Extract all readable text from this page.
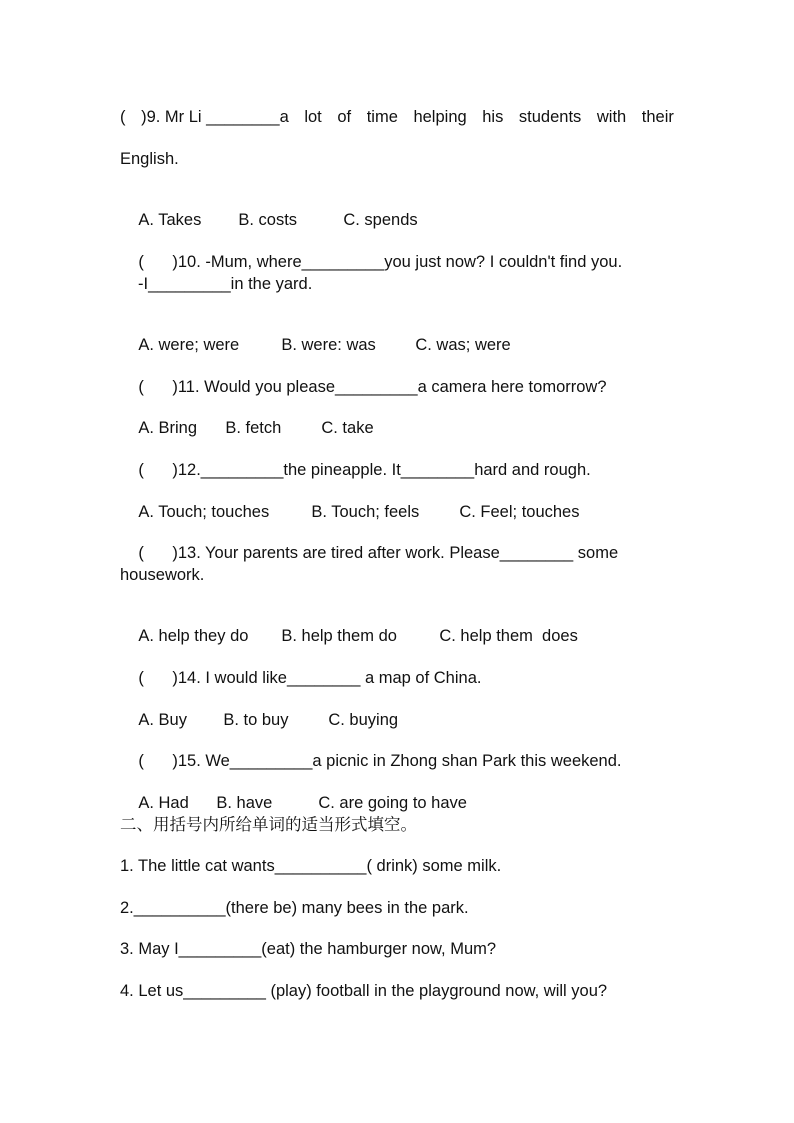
( )9. Mr Li ________a lot of time helping his students with their
English.

A. Takes B. costs	C. spends

( )10. -Mum, where_________you just now? I couldn't find you.

-I_________in the yard.

A. were; were	B. were: was C. was; were

( )11. Would you please_________a camera here tomorrow?

A. Bring B. fetch C. take

( )12._________the pineapple. It________hard and rough.

A. Touch; touches	B. Touch; feels C. Feel; touches

( )13. Your parents are tired after work. Please________ some

housework.

A. help they do B. help them do	C. help them  does

( )14. I would like________ a map of China.

A. Buy B. to buy C. buying

( )15. We_________a picnic in Zhong shan Park this weekend.

A. Had B. have	C. are going to have

二、用括号内所给单词的适当形式填空。
1. The little cat wants__________( drink) some milk.
2.__________(there be) many bees in the park.
3. May I_________(eat) the hamburger now, Mum?
4. Let us_________ (play) football in the playground now, will you?
